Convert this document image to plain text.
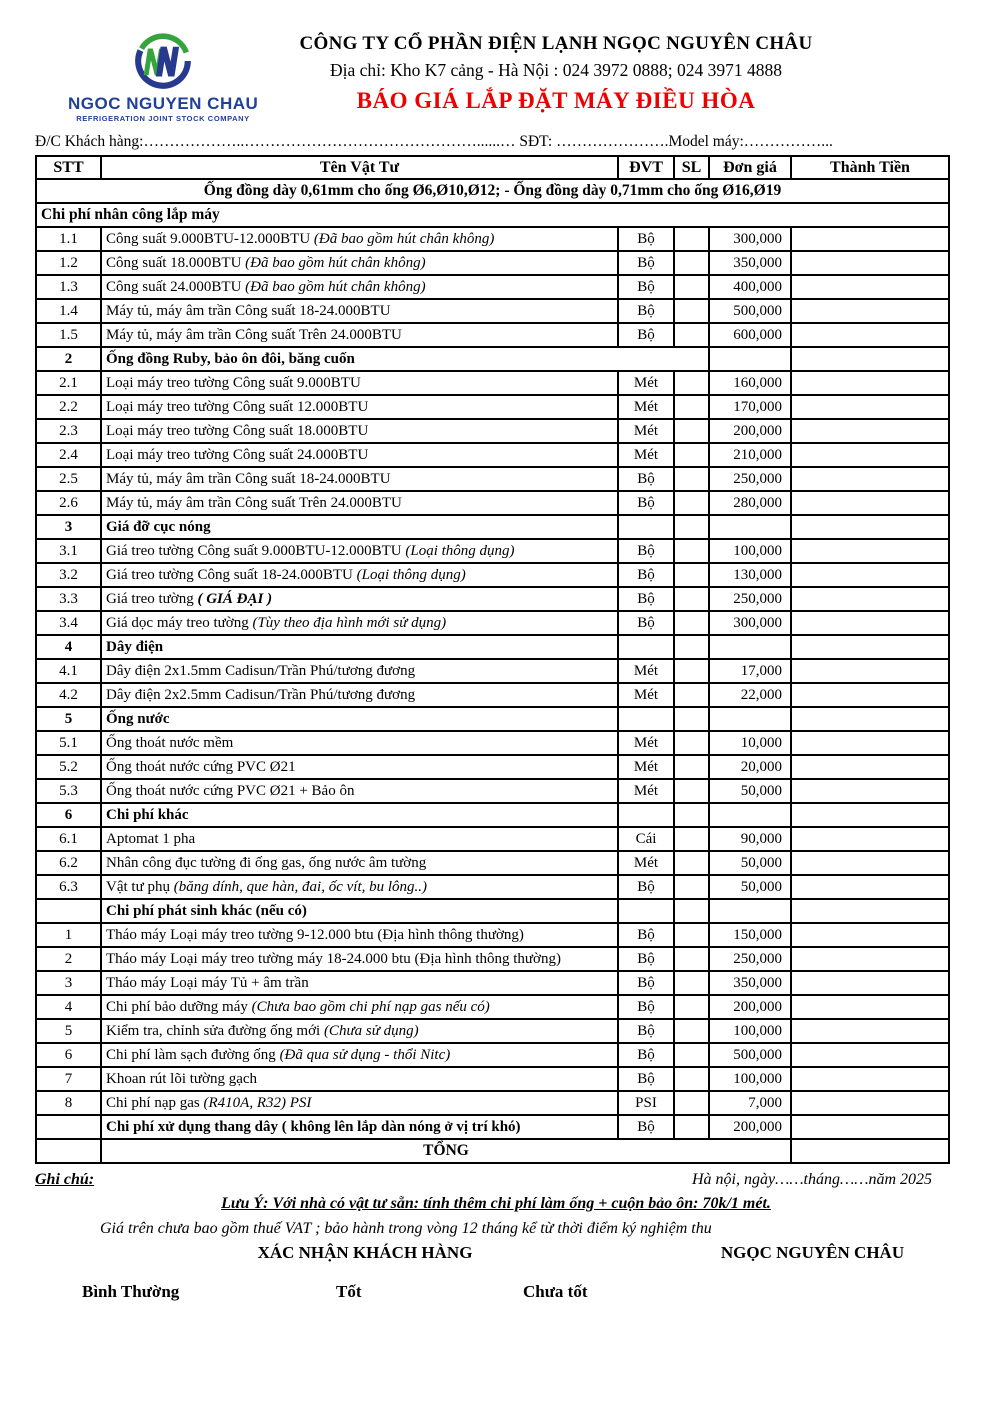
NGOC NGUYEN CHAU
REFRIGERATION JOINT STOCK COMPANY
CÔNG TY CỔ PHẦN ĐIỆN LẠNH NGỌC NGUYÊN CHÂU
Địa chỉ: Kho K7 cảng - Hà Nội : 024 3972 0888; 024 3971 4888
BÁO GIÁ LẮP ĐẶT MÁY ĐIỀU HÒA
Đ/C Khách hàng:………………..………………………………………......… SĐT: ………………….Model máy:……………...
STT	Tên Vật Tư	ĐVT	SL	Đơn giá	Thành Tiền
Ống đồng dày 0,61mm cho ống Ø6,Ø10,Ø12; - Ống đồng dày 0,71mm cho ống Ø16,Ø19					
Chi phí nhân công lắp máy					
1.1	Công suất 9.000BTU-12.000BTU (Đã bao gồm hút chân không)	Bộ		300,000	
1.2	Công suất 18.000BTU (Đã bao gồm hút chân không)	Bộ		350,000	
1.3	Công suất 24.000BTU (Đã bao gồm hút chân không)	Bộ		400,000	
1.4	Máy tủ, máy âm trần Công suất 18-24.000BTU	Bộ		500,000	
1.5	Máy tủ, máy âm trần Công suất Trên 24.000BTU	Bộ		600,000	
2	Ống đồng Ruby, bảo ôn đôi, băng cuốn				
2.1	Loại máy treo tường Công suất 9.000BTU	Mét		160,000	
2.2	Loại máy treo tường Công suất 12.000BTU	Mét		170,000	
2.3	Loại máy treo tường Công suất 18.000BTU	Mét		200,000	
2.4	Loại máy treo tường Công suất 24.000BTU	Mét		210,000	
2.5	Máy tủ, máy âm trần Công suất 18-24.000BTU	Bộ		250,000	
2.6	Máy tủ, máy âm trần Công suất Trên 24.000BTU	Bộ		280,000	
3	Giá đỡ cục nóng				
3.1	Giá treo tường Công suất 9.000BTU-12.000BTU (Loại thông dụng)	Bộ		100,000	
3.2	Giá treo tường Công suất 18-24.000BTU (Loại thông dụng)	Bộ		130,000	
3.3	Giá treo tường ( GIÁ ĐẠI )	Bộ		250,000	
3.4	Giá dọc máy treo tường (Tùy theo địa hình mới sử dụng)	Bộ		300,000	
4	Dây điện				
4.1	Dây điện 2x1.5mm Cadisun/Trần Phú/tương đương	Mét		17,000	
4.2	Dây điện 2x2.5mm Cadisun/Trần Phú/tương đương	Mét		22,000	
5	Ống nước				
5.1	Ống thoát nước mềm	Mét		10,000	
5.2	Ống thoát nước cứng PVC Ø21	Mét		20,000	
5.3	Ống thoát nước cứng PVC Ø21 + Bảo ôn	Mét		50,000	
6	Chi phí khác				
6.1	Aptomat 1 pha	Cái		90,000	
6.2	Nhân công đục tường đi ống gas, ống nước âm tường	Mét		50,000	
6.3	Vật tư phụ (băng dính, que hàn, đai, ốc vít, bu lông..)	Bộ		50,000	
	Chi phí phát sinh khác (nếu có)				
1	Tháo máy Loại máy treo tường 9-12.000 btu (Địa hình thông thường)	Bộ		150,000	
2	Tháo máy Loại máy treo tường máy 18-24.000 btu (Địa hình thông thường)	Bộ		250,000	
3	Tháo máy Loại máy Tủ + âm trần	Bộ		350,000	
4	Chi phí bảo dưỡng máy (Chưa bao gồm chi phí nạp gas nếu có)	Bộ		200,000	
5	Kiểm tra, chỉnh sửa đường ống mới (Chưa sử dụng)	Bộ		100,000	
6	Chi phí làm sạch đường ống (Đã qua sử dụng - thổi Nitc)	Bộ		500,000	
7	Khoan rút lõi tường gạch	Bộ		100,000	
8	Chi phí nạp gas (R410A, R32) PSI	PSI		7,000	
	Chi phí xử dụng thang dây ( không lên lắp dàn nóng ở vị trí khó)	Bộ		200,000	
	TỔNG				
Ghi chú:	Hà nội, ngày……tháng……năm 2025
Lưu Ý: Với nhà có vật tư sẵn: tính thêm chi phí làm ống + cuộn bảo ôn: 70k/1 mét.
Giá trên chưa bao gồm thuế VAT ; bảo hành trong vòng 12 tháng kể từ thời điểm ký nghiệm thu
XÁC NHẬN KHÁCH HÀNG	NGỌC NGUYÊN CHÂU
Bình Thường	Tốt	Chưa tốt
